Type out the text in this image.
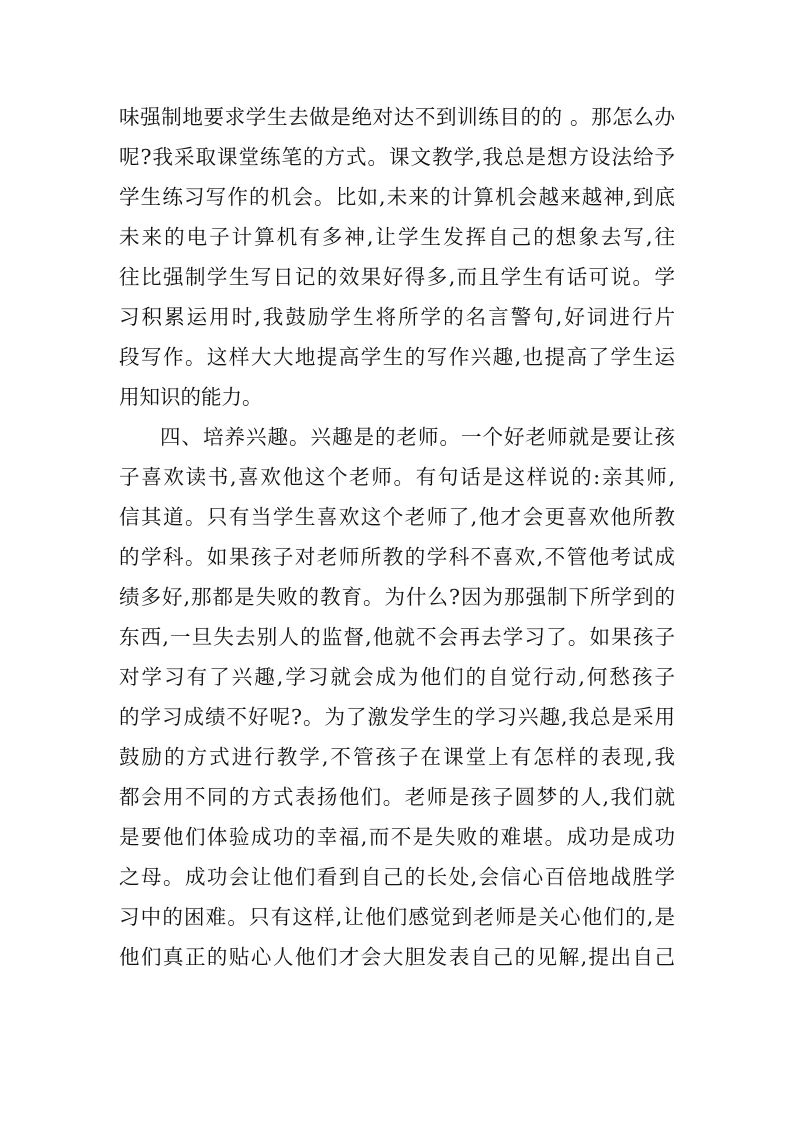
味强制地要求学生去做是绝对达不到训练目的的 。那怎么办
呢?我采取课堂练笔的方式。课文教学,我总是想方设法给予
学生练习写作的机会。比如,未来的计算机会越来越神,到底
未来的电子计算机有多神,让学生发挥自己的想象去写,往
往比强制学生写日记的效果好得多,而且学生有话可说。学
习积累运用时,我鼓励学生将所学的名言警句,好词进行片
段写作。这样大大地提高学生的写作兴趣,也提高了学生运
用知识的能力。
四、培养兴趣。兴趣是的老师。一个好老师就是要让孩
子喜欢读书,喜欢他这个老师。有句话是这样说的:亲其师,
信其道。只有当学生喜欢这个老师了,他才会更喜欢他所教
的学科。如果孩子对老师所教的学科不喜欢,不管他考试成
绩多好,那都是失败的教育。为什么?因为那强制下所学到的
东西,一旦失去别人的监督,他就不会再去学习了。如果孩子
对学习有了兴趣,学习就会成为他们的自觉行动,何愁孩子
的学习成绩不好呢?。为了激发学生的学习兴趣,我总是采用
鼓励的方式进行教学,不管孩子在课堂上有怎样的表现,我
都会用不同的方式表扬他们。老师是孩子圆梦的人,我们就
是要他们体验成功的幸福,而不是失败的难堪。成功是成功
之母。成功会让他们看到自己的长处,会信心百倍地战胜学
习中的困难。只有这样,让他们感觉到老师是关心他们的,是
他们真正的贴心人他们才会大胆发表自己的见解,提出自己
